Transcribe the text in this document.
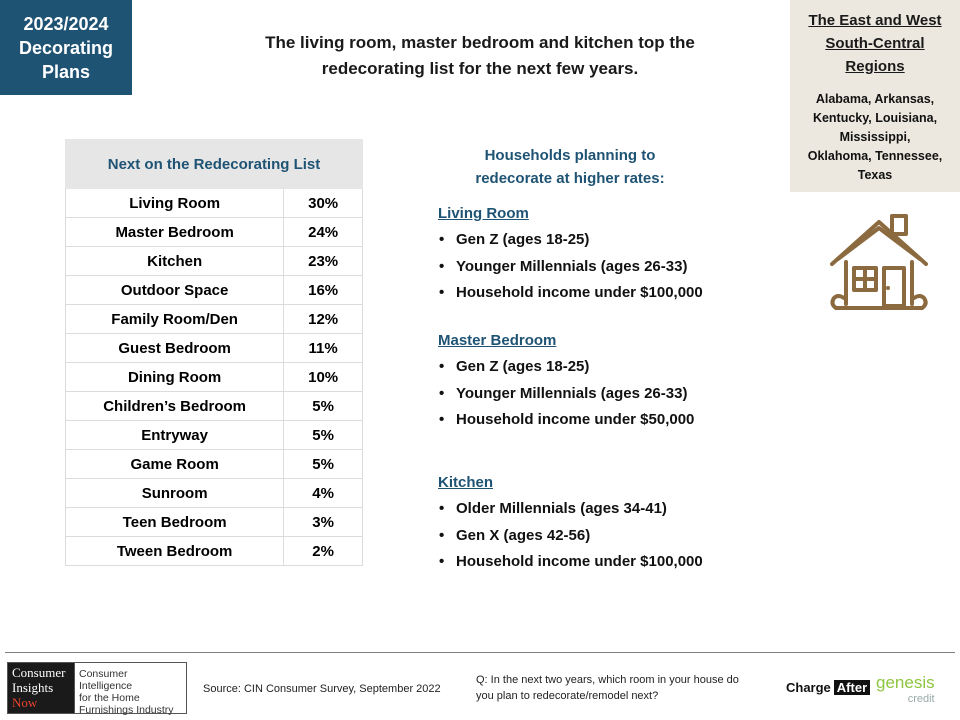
2023/2024
Decorating
Plans
The living room, master bedroom and kitchen top the
redecorating list for the next few years.
The East and West
South-Central
Regions
Alabama, Arkansas,
Kentucky, Louisiana,
Mississippi,
Oklahoma, Tennessee,
Texas
Next on the Redecorating List	
Living Room	30%
Master Bedroom	24%
Kitchen	23%
Outdoor Space	16%
Family Room/Den	12%
Guest Bedroom	11%
Dining Room	10%
Children’s Bedroom	5%
Entryway	5%
Game Room	5%
Sunroom	4%
Teen Bedroom	3%
Tween Bedroom	2%
Households planning to
redecorate at higher rates:
Living Room
• Gen Z (ages 18-25)
• Younger Millennials (ages 26-33)
• Household income under $100,000
Master Bedroom
• Gen Z (ages 18-25)
• Younger Millennials (ages 26-33)
• Household income under $50,000
Kitchen
• Older Millennials (ages 34-41)
• Gen X (ages 42-56)
• Household income under $100,000
Consumer
Insights
Now
Consumer Intelligence
for the Home
Furnishings Industry
Source: CIN Consumer Survey, September 2022
Q: In the next two years, which room in your house do
you plan to redecorate/remodel next?
Charge After genesis
credit
